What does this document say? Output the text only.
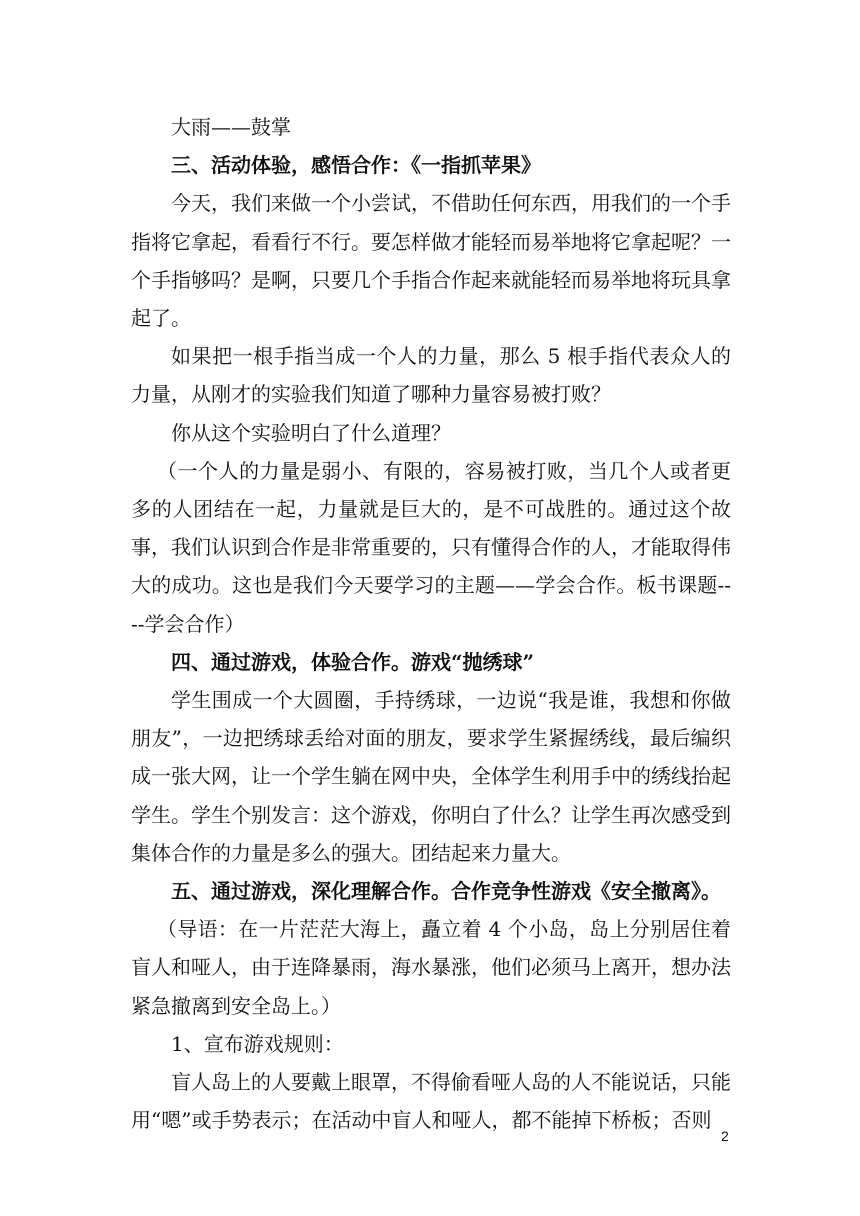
大雨——鼓掌

三、活动体验，感悟合作：《一指抓苹果》

今天，我们来做一个小尝试，不借助任何东西，用我们的一个手指将它拿起，看看行不行。要怎样做才能轻而易举地将它拿起呢？一个手指够吗？是啊，只要几个手指合作起来就能轻而易举地将玩具拿起了。

如果把一根手指当成一个人的力量，那么 5 根手指代表众人的力量，从刚才的实验我们知道了哪种力量容易被打败？

你从这个实验明白了什么道理？

（一个人的力量是弱小、有限的，容易被打败，当几个人或者更多的人团结在一起，力量就是巨大的，是不可战胜的。通过这个故事，我们认识到合作是非常重要的，只有懂得合作的人，才能取得伟大的成功。这也是我们今天要学习的主题——学会合作。板书课题----学会合作）

四、通过游戏，体验合作。游戏“抛绣球”

学生围成一个大圆圈，手持绣球，一边说“我是谁，我想和你做朋友”，一边把绣球丢给对面的朋友，要求学生紧握绣线，最后编织成一张大网，让一个学生躺在网中央，全体学生利用手中的绣线抬起学生。学生个别发言：这个游戏，你明白了什么？让学生再次感受到集体合作的力量是多么的强大。团结起来力量大。

五、通过游戏，深化理解合作。合作竞争性游戏《安全撤离》。

（导语：在一片茫茫大海上，矗立着 4 个小岛，岛上分别居住着盲人和哑人，由于连降暴雨，海水暴涨，他们必须马上离开，想办法紧急撤离到安全岛上。）

1、宣布游戏规则：

盲人岛上的人要戴上眼罩，不得偷看哑人岛的人不能说话，只能用“嗯”或手势表示；在活动中盲人和哑人，都不能掉下桥板；否则

2
